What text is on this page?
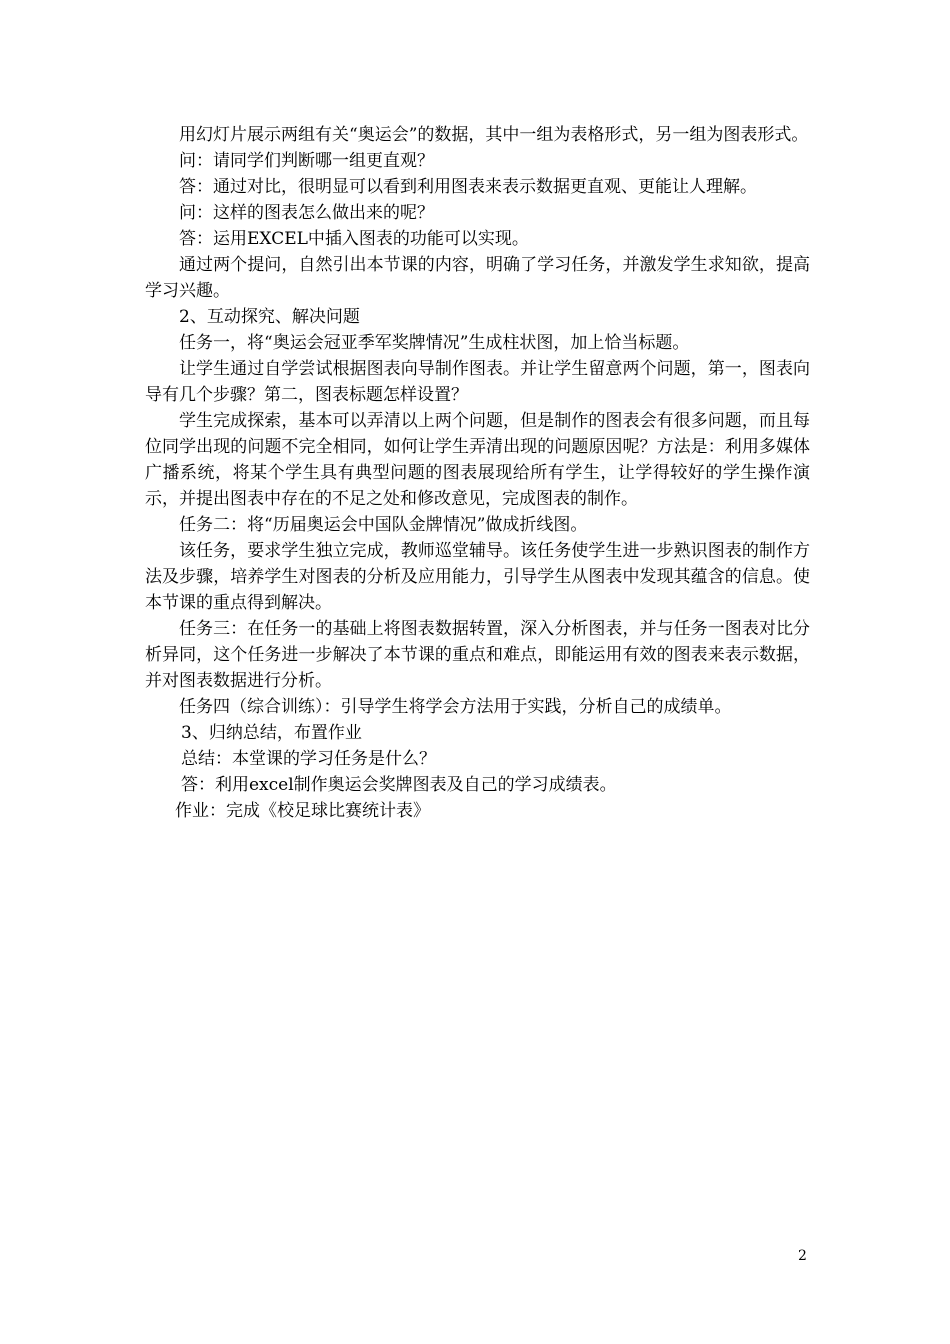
用幻灯片展示两组有关“奥运会”的数据，其中一组为表格形式，另一组为图表形式。

问：请同学们判断哪一组更直观？

答：通过对比，很明显可以看到利用图表来表示数据更直观、更能让人理解。

问：这样的图表怎么做出来的呢？

答：运用EXCEL中插入图表的功能可以实现。

通过两个提问，自然引出本节课的内容，明确了学习任务，并激发学生求知欲，提高学习兴趣。

2、互动探究、解决问题

任务一，将“奥运会冠亚季军奖牌情况”生成柱状图，加上恰当标题。

让学生通过自学尝试根据图表向导制作图表。并让学生留意两个问题，第一，图表向导有几个步骤？第二，图表标题怎样设置？

学生完成探索，基本可以弄清以上两个问题，但是制作的图表会有很多问题，而且每位同学出现的问题不完全相同，如何让学生弄清出现的问题原因呢？方法是：利用多媒体广播系统，将某个学生具有典型问题的图表展现给所有学生，让学得较好的学生操作演示，并提出图表中存在的不足之处和修改意见，完成图表的制作。

任务二：将“历届奥运会中国队金牌情况”做成折线图。

该任务，要求学生独立完成，教师巡堂辅导。该任务使学生进一步熟识图表的制作方法及步骤，培养学生对图表的分析及应用能力，引导学生从图表中发现其蕴含的信息。使本节课的重点得到解决。

任务三：在任务一的基础上将图表数据转置，深入分析图表，并与任务一图表对比分析异同，这个任务进一步解决了本节课的重点和难点，即能运用有效的图表来表示数据，并对图表数据进行分析。

任务四（综合训练）：引导学生将学会方法用于实践，分析自己的成绩单。

3、归纳总结，布置作业

总结：本堂课的学习任务是什么？

答：利用excel制作奥运会奖牌图表及自己的学习成绩表。

作业：完成《校足球比赛统计表》

2
